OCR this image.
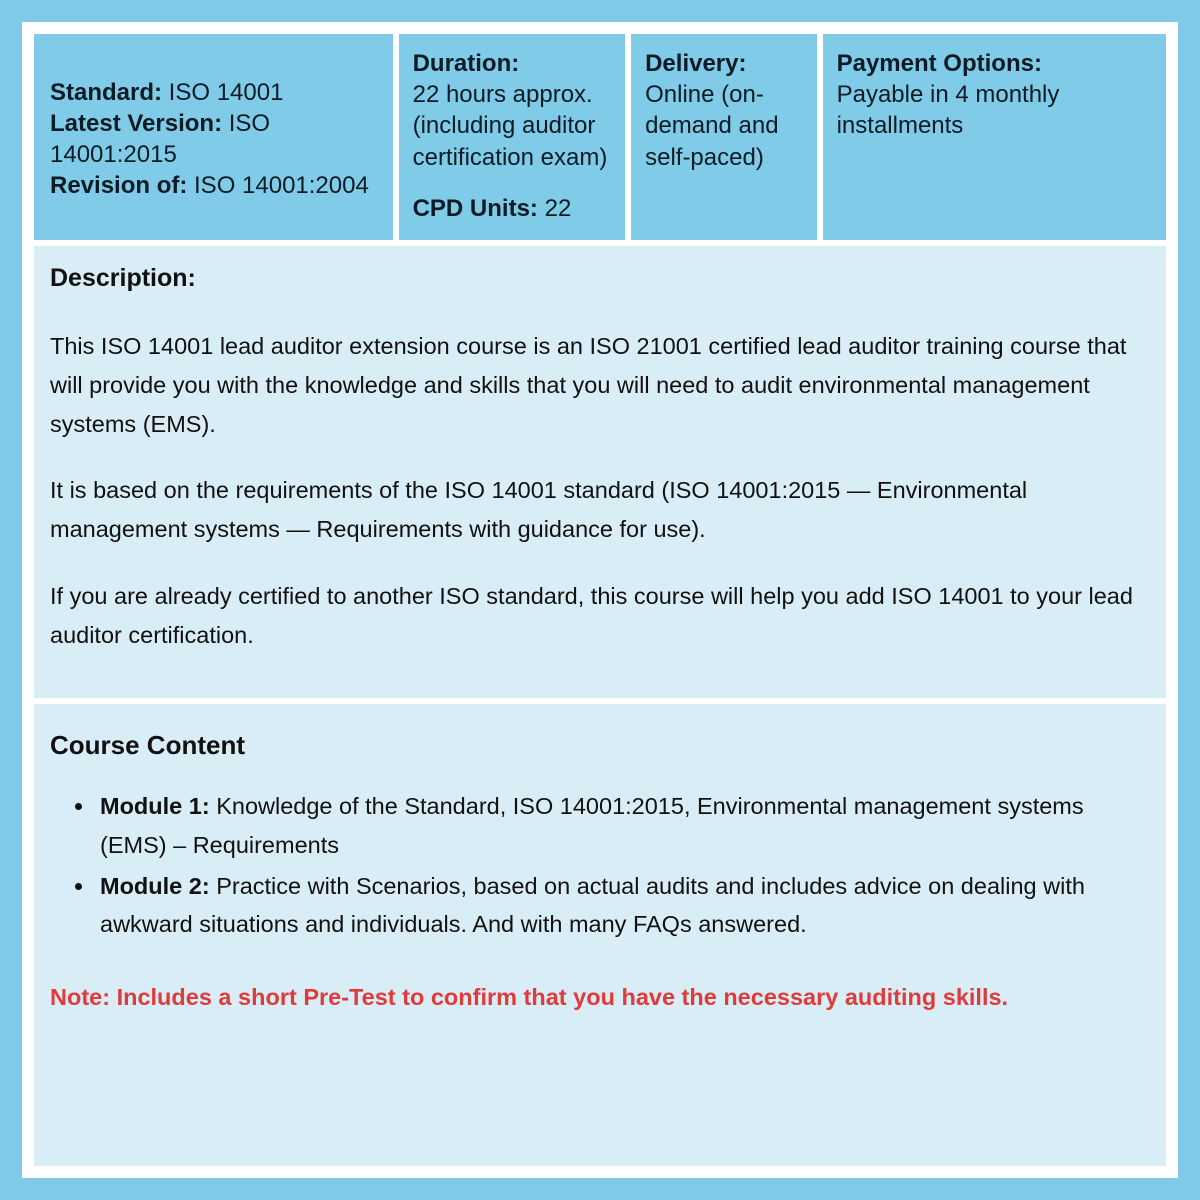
Standard: ISO 14001

Latest Version: ISO 14001:2015

Revision of: ISO 14001:2004

Duration:

22 hours approx. (including auditor certification exam)

CPD Units: 22

Delivery:

Online (on-demand and self-paced)

Payment Options:

Payable in 4 monthly installments

Description:

This ISO 14001 lead auditor extension course is an ISO 21001 certified lead auditor training course that will provide you with the knowledge and skills that you will need to audit environmental management systems (EMS).

It is based on the requirements of the ISO 14001 standard (ISO 14001:2015 — Environmental management systems — Requirements with guidance for use).

If you are already certified to another ISO standard, this course will help you add ISO 14001 to your lead auditor certification.

Course Content

• Module 1: Knowledge of the Standard, ISO 14001:2015, Environmental management systems (EMS) – Requirements
• Module 2: Practice with Scenarios, based on actual audits and includes advice on dealing with awkward situations and individuals. And with many FAQs answered.

Note: Includes a short Pre-Test to confirm that you have the necessary auditing skills.
